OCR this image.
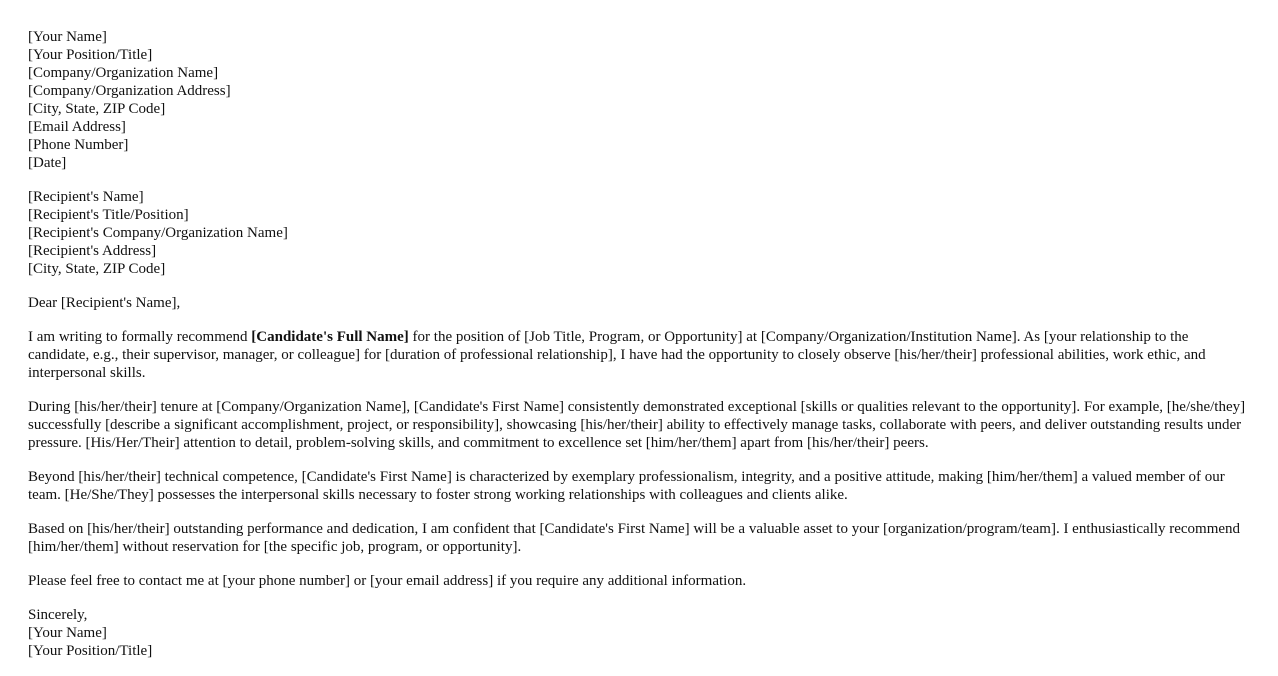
[Your Name]
[Your Position/Title]
[Company/Organization Name]
[Company/Organization Address]
[City, State, ZIP Code]
[Email Address]
[Phone Number]
[Date]
[Recipient's Name]
[Recipient's Title/Position]
[Recipient's Company/Organization Name]
[Recipient's Address]
[City, State, ZIP Code]

Dear [Recipient's Name],

I am writing to formally recommend [Candidate's Full Name] for the position of [Job Title, Program, or Opportunity] at [Company/Organization/Institution Name]. As [your relationship to the candidate, e.g., their supervisor, manager, or colleague] for [duration of professional relationship], I have had the opportunity to closely observe [his/her/their] professional abilities, work ethic, and interpersonal skills.

During [his/her/their] tenure at [Company/Organization Name], [Candidate's First Name] consistently demonstrated exceptional [skills or qualities relevant to the opportunity]. For example, [he/she/they] successfully [describe a significant accomplishment, project, or responsibility], showcasing [his/her/their] ability to effectively manage tasks, collaborate with peers, and deliver outstanding results under pressure. [His/Her/Their] attention to detail, problem-solving skills, and commitment to excellence set [him/her/them] apart from [his/her/their] peers.

Beyond [his/her/their] technical competence, [Candidate's First Name] is characterized by exemplary professionalism, integrity, and a positive attitude, making [him/her/them] a valued member of our team. [He/She/They] possesses the interpersonal skills necessary to foster strong working relationships with colleagues and clients alike.

Based on [his/her/their] outstanding performance and dedication, I am confident that [Candidate's First Name] will be a valuable asset to your [organization/program/team]. I enthusiastically recommend [him/her/them] without reservation for [the specific job, program, or opportunity].

Please feel free to contact me at [your phone number] or [your email address] if you require any additional information.

Sincerely,
[Your Name]
[Your Position/Title]
